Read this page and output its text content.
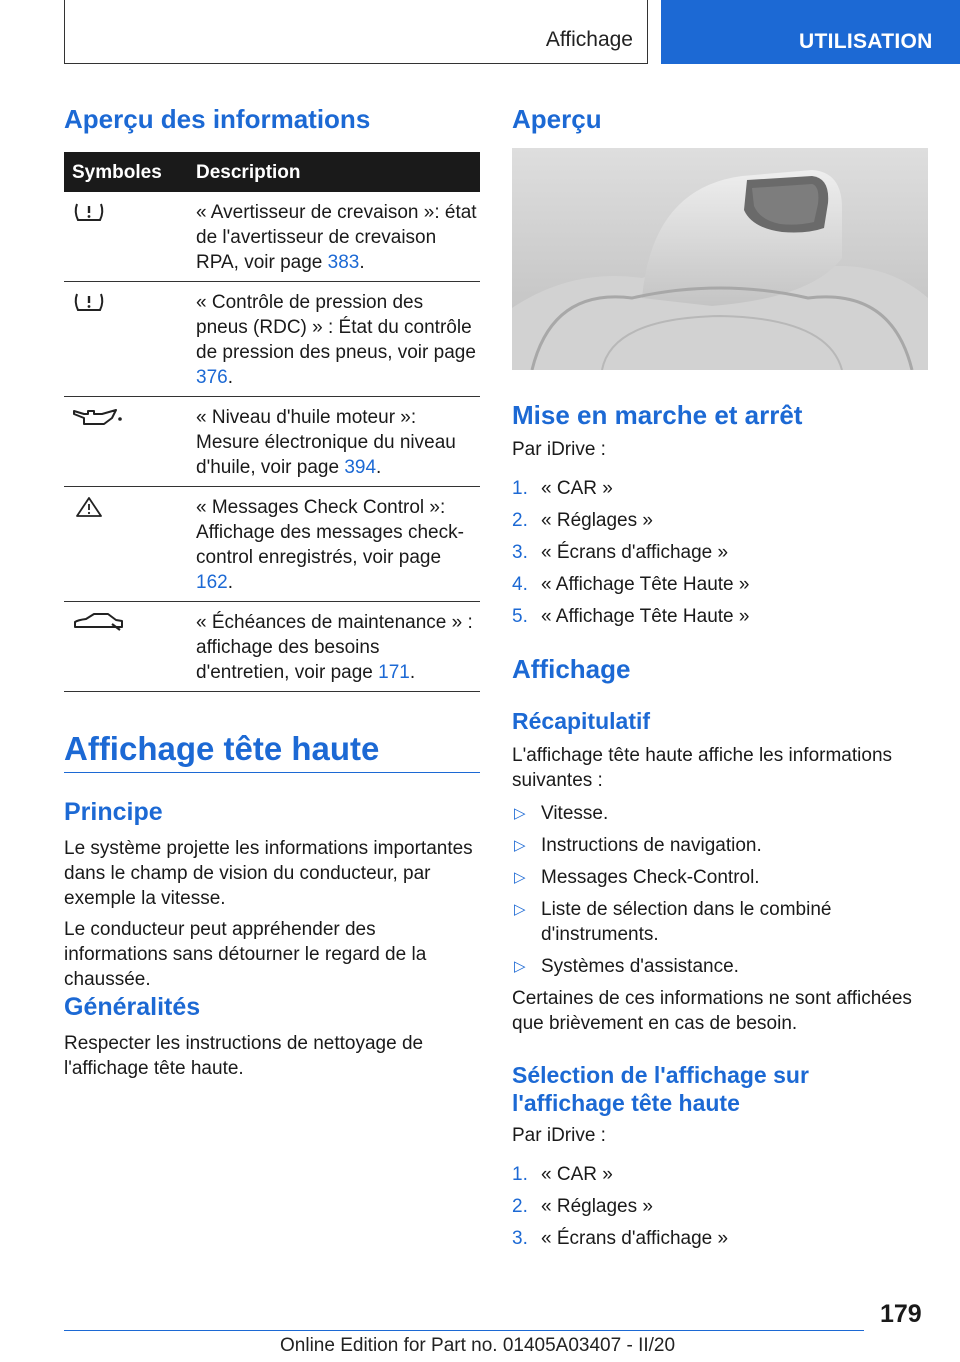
Affichage	UTILISATION
Aperçu des informations
Symboles Description
« Avertisseur de crevaison »: état de l'avertisseur de crevaison RPA, voir page 383.
« Contrôle de pression des pneus (RDC) » : État du contrôle de pression des pneus, voir page 376.
« Niveau d'huile moteur »: Mesure électronique du niveau d'huile, voir page 394.
« Messages Check Control »: Affichage des messages check-control enregistrés, voir page 162.
« Échéances de maintenance » : affichage des besoins d'entretien, voir page 171.
Affichage tête haute
Principe

Le système projette les informations importantes dans le champ de vision du conducteur, par exemple la vitesse.

Le conducteur peut appréhender des informations sans détourner le regard de la chaussée.

Généralités

Respecter les instructions de nettoyage de l'affichage tête haute.

Aperçu
Mise en marche et arrêt

Par iDrive :

1. « CAR »
2. « Réglages »
3. « Écrans d'affichage »
4. « Affichage Tête Haute »
5. « Affichage Tête Haute »
Affichage
Récapitulatif

L'affichage tête haute affiche les informations suivantes :

▷ Vitesse.
▷ Instructions de navigation.
▷ Messages Check-Control.
▷ Liste de sélection dans le combiné d'instruments.
▷ Systèmes d'assistance.

Certaines de ces informations ne sont affichées que brièvement en cas de besoin.

Sélection de l'affichage sur l'affichage tête haute

Par iDrive :

1. « CAR »
2. « Réglages »
3. « Écrans d'affichage »
179
Online Edition for Part no. 01405A03407 - II/20
